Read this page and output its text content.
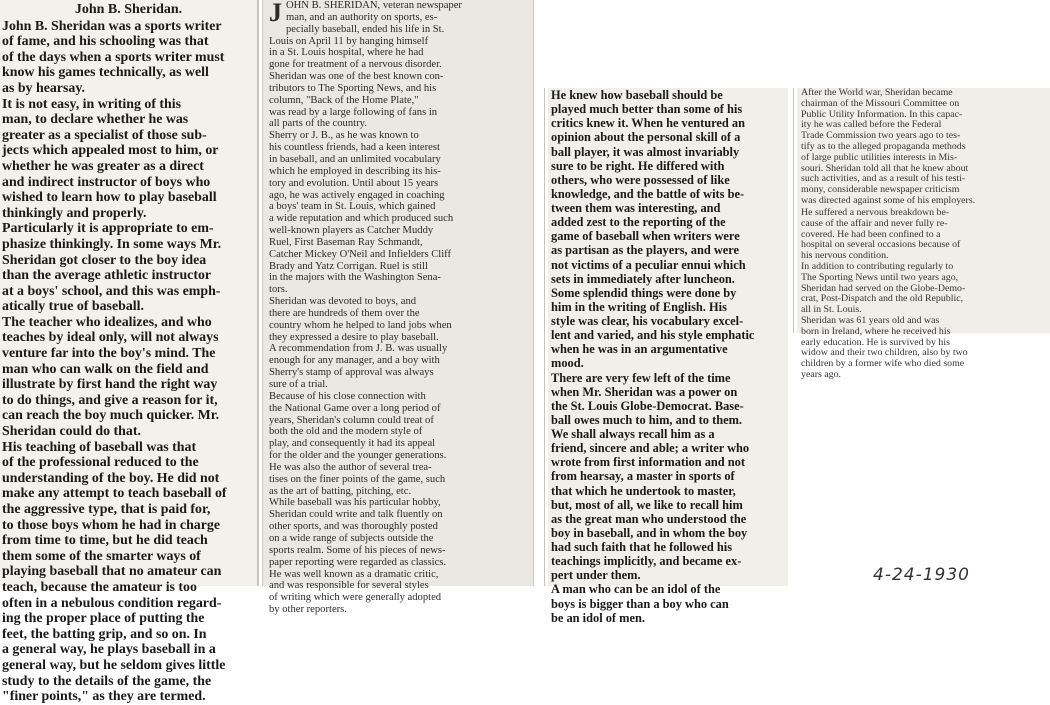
John B. Sheridan.

John B. Sheridan was a sports writer

of fame, and his schooling was that

of the days when a sports writer must

know his games technically, as well

as by hearsay.

It is not easy, in writing of this

man, to declare whether he was

greater as a specialist of those sub-

jects which appealed most to him, or

whether he was greater as a direct

and indirect instructor of boys who

wished to learn how to play baseball

thinkingly and properly.

Particularly it is appropriate to em-

phasize thinkingly. In some ways Mr.

Sheridan got closer to the boy idea

than the average athletic instructor

at a boys' school, and this was emph-

atically true of baseball.

The teacher who idealizes, and who

teaches by ideal only, will not always

venture far into the boy's mind. The

man who can walk on the field and

illustrate by first hand the right way

to do things, and give a reason for it,

can reach the boy much quicker. Mr.

Sheridan could do that.

His teaching of baseball was that

of the professional reduced to the

understanding of the boy. He did not

make any attempt to teach baseball of

the aggressive type, that is paid for,

to those boys whom he had in charge

from time to time, but he did teach

them some of the smarter ways of

playing baseball that no amateur can

teach, because the amateur is too

often in a nebulous condition regard-

ing the proper place of putting the

feet, the batting grip, and so on. In

a general way, he plays baseball in a

general way, but he seldom gives little

study to the details of the game, the

"finer points," as they are termed.

J OHN B. SHERIDAN, veteran newspaper

man, and an authority on sports, es-

pecially baseball, ended his life in St.

Louis on April 11 by hanging himself

in a St. Louis hospital, where he had

gone for treatment of a nervous disorder.

Sheridan was one of the best known con-

tributors to The Sporting News, and his

column, "Back of the Home Plate,"

was read by a large following of fans in

all parts of the country.

Sherry or J. B., as he was known to

his countless friends, had a keen interest

in baseball, and an unlimited vocabulary

which he employed in describing its his-

tory and evolution. Until about 15 years

ago, he was actively engaged in coaching

a boys' team in St. Louis, which gained

a wide reputation and which produced such

well-known players as Catcher Muddy

Ruel, First Baseman Ray Schmandt,

Catcher Mickey O'Neil and Infielders Cliff

Brady and Yatz Corrigan. Ruel is still

in the majors with the Washington Sena-

tors.

Sheridan was devoted to boys, and

there are hundreds of them over the

country whom he helped to land jobs when

they expressed a desire to play baseball.

A recommendation from J. B. was usually

enough for any manager, and a boy with

Sherry's stamp of approval was always

sure of a trial.

Because of his close connection with

the National Game over a long period of

years, Sheridan's column could treat of

both the old and the modern style of

play, and consequently it had its appeal

for the older and the younger generations.

He was also the author of several trea-

tises on the finer points of the game, such

as the art of batting, pitching, etc.

While baseball was his particular hobby,

Sheridan could write and talk fluently on

other sports, and was thoroughly posted

on a wide range of subjects outside the

sports realm. Some of his pieces of news-

paper reporting were regarded as classics.

He was well known as a dramatic critic,

and was responsible for several styles

of writing which were generally adopted

by other reporters.

He knew how baseball should be

played much better than some of his

critics knew it. When he ventured an

opinion about the personal skill of a

ball player, it was almost invariably

sure to be right. He differed with

others, who were possessed of like

knowledge, and the battle of wits be-

tween them was interesting, and

added zest to the reporting of the

game of baseball when writers were

as partisan as the players, and were

not victims of a peculiar ennui which

sets in immediately after luncheon.

Some splendid things were done by

him in the writing of English. His

style was clear, his vocabulary excel-

lent and varied, and his style emphatic

when he was in an argumentative

mood.

There are very few left of the time

when Mr. Sheridan was a power on

the St. Louis Globe-Democrat. Base-

ball owes much to him, and to them.

We shall always recall him as a

friend, sincere and able; a writer who

wrote from first information and not

from hearsay, a master in sports of

that which he undertook to master,

but, most of all, we like to recall him

as the great man who understood the

boy in baseball, and in whom the boy

had such faith that he followed his

teachings implicitly, and became ex-

pert under them.

A man who can be an idol of the

boys is bigger than a boy who can

be an idol of men.

After the World war, Sheridan became

chairman of the Missouri Committee on

Public Utility Information. In this capac-

ity he was called before the Federal

Trade Commission two years ago to tes-

tify as to the alleged propaganda methods

of large public utilities interests in Mis-

souri. Sheridan told all that he knew about

such activities, and as a result of his testi-

mony, considerable newspaper criticism

was directed against some of his employers.

He suffered a nervous breakdown be-

cause of the affair and never fully re-

covered. He had been confined to a

hospital on several occasions because of

his nervous condition.

In addition to contributing regularly to

The Sporting News until two years ago,

Sheridan had served on the Globe-Demo-

crat, Post-Dispatch and the old Republic,

all in St. Louis.

Sheridan was 61 years old and was

born in Ireland, where he received his

early education. He is survived by his

widow and their two children, also by two

children by a former wife who died some

years ago.

4-24-1930
